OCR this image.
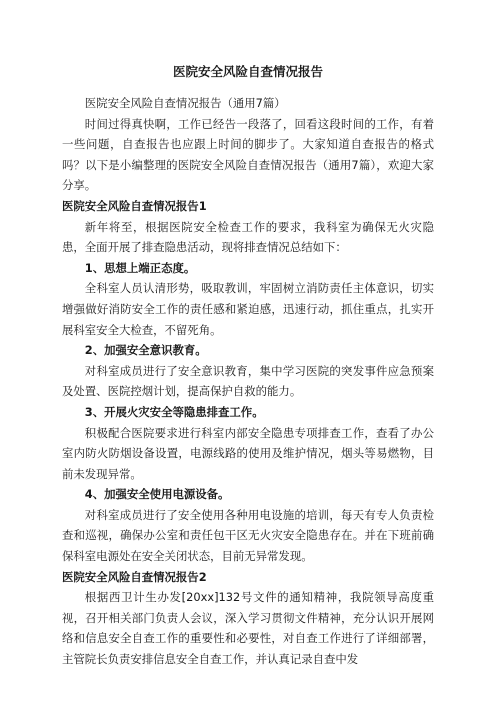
医院安全风险自查情况报告

医院安全风险自查情况报告（通用7篇）

时间过得真快啊，工作已经告一段落了，回看这段时间的工作，有着一些问题，自查报告也应跟上时间的脚步了。大家知道自查报告的格式吗？以下是小编整理的医院安全风险自查情况报告（通用7篇），欢迎大家分享。

医院安全风险自查情况报告1

新年将至，根据医院安全检查工作的要求，我科室为确保无火灾隐患，全面开展了排查隐患活动，现将排查情况总结如下：

1、思想上端正态度。

全科室人员认清形势，吸取教训，牢固树立消防责任主体意识，切实增强做好消防安全工作的责任感和紧迫感，迅速行动，抓住重点，扎实开展科室安全大检查，不留死角。

2、加强安全意识教育。

对科室成员进行了安全意识教育，集中学习医院的突发事件应急预案及处置、医院控烟计划，提高保护自救的能力。

3、开展火灾安全等隐患排查工作。

积极配合医院要求进行科室内部安全隐患专项排查工作，查看了办公室内防火防烟设备设置，电源线路的使用及维护情况，烟头等易燃物，目前未发现异常。

4、加强安全使用电源设备。

对科室成员进行了安全使用各种用电设施的培训，每天有专人负责检查和巡视，确保办公室和责任包干区无火灾安全隐患存在。并在下班前确保科室电源处在安全关闭状态，目前无异常发现。

医院安全风险自查情况报告2

根据西卫计生办发[20xx]132号文件的通知精神，我院领导高度重视，召开相关部门负责人会议，深入学习贯彻文件精神，充分认识开展网络和信息安全自查工作的重要性和必要性，对自查工作进行了详细部署，主管院长负责安排信息安全自查工作，并认真记录自查中发
